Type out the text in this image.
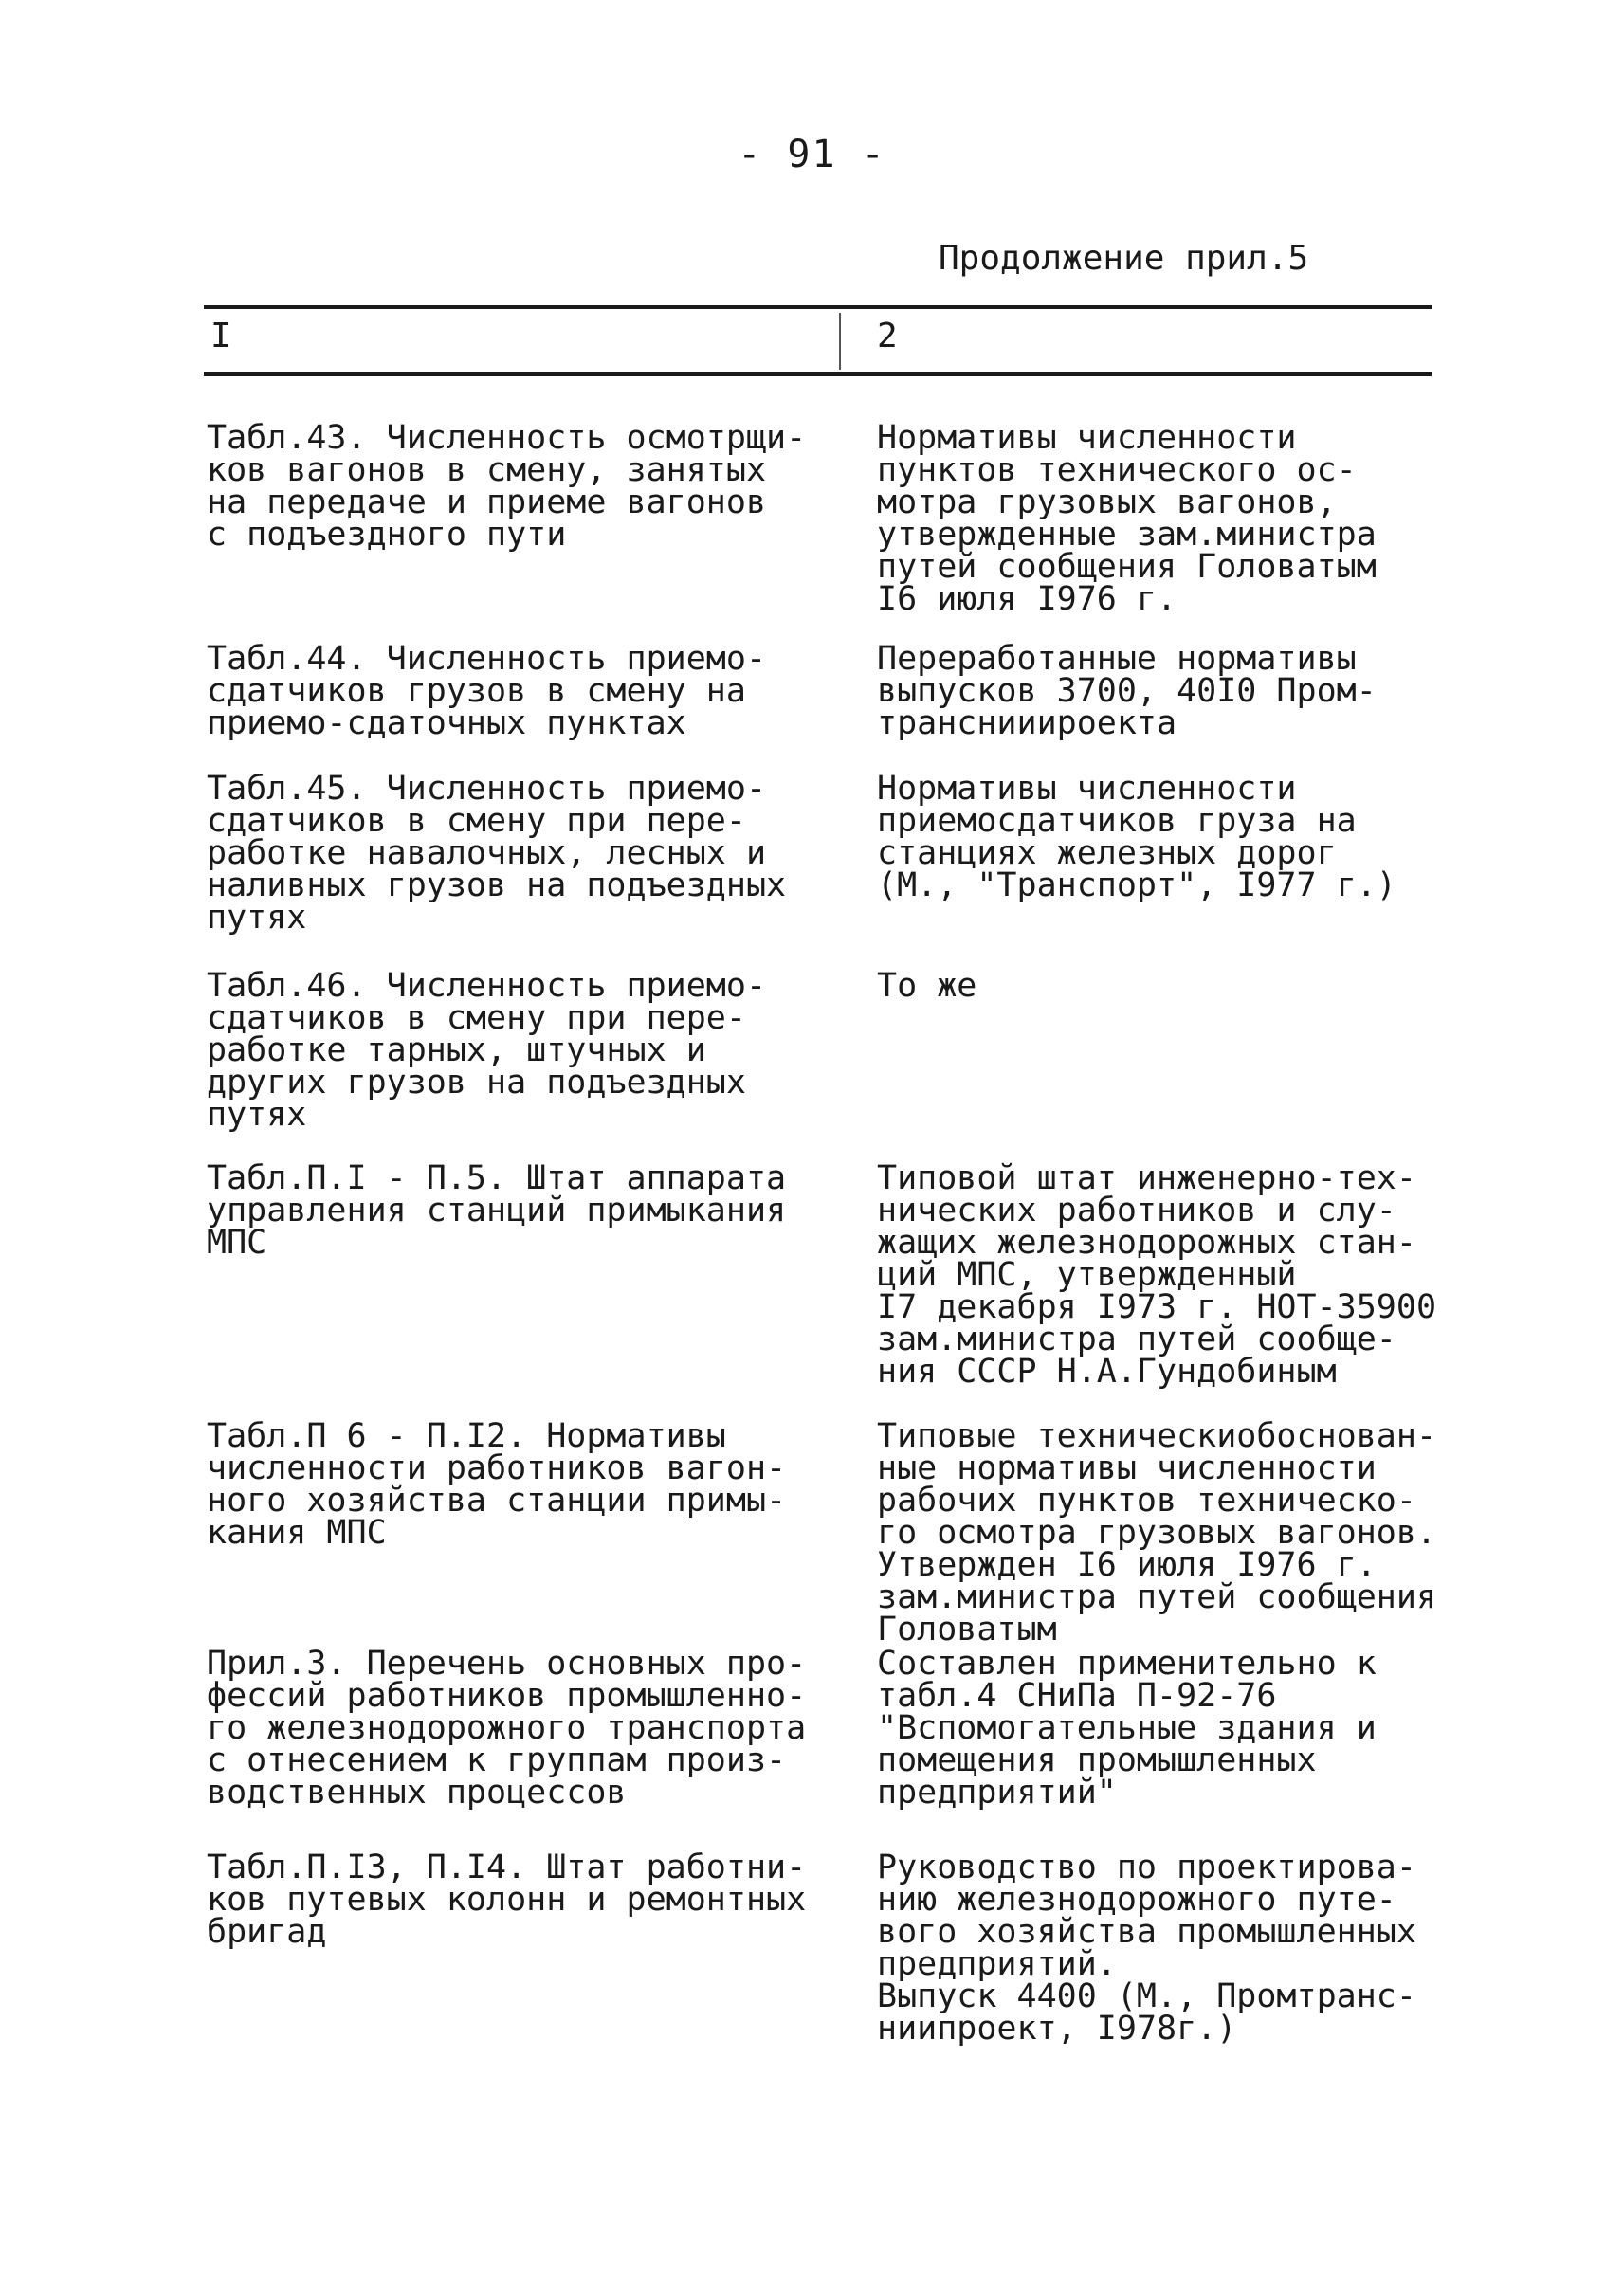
- 91 -
Продолжение прил.5
I	2
Табл.43. Численность осмотрщи-
ков вагонов в смену, занятых
на передаче и приеме вагонов
с подъездного пути
Нормативы численности
пунктов технического ос-
мотра грузовых вагонов,
утвержденные зам.министра
путей сообщения Головатым
I6 июля I976 г.
Табл.44. Численность приемо-
сдатчиков грузов в смену на
приемо-сдаточных пунктах
Переработанные нормативы
выпусков 3700, 40I0 Пром-
транснииироекта
Табл.45. Численность приемо-
сдатчиков в смену при пере-
работке навалочных, лесных и
наливных грузов на подъездных
путях
Нормативы численности
приемосдатчиков груза на
станциях железных дорог
(М., "Транспорт", I977 г.)
Табл.46. Численность приемо-
сдатчиков в смену при пере-
работке тарных, штучных и
других грузов на подъездных
путях
То же
Табл.П.I - П.5. Штат аппарата
управления станций примыкания
МПС
Типовой штат инженерно-тех-
нических работников и слу-
жащих железнодорожных стан-
ций МПС, утвержденный
I7 декабря I973 г. НОТ-35900
зам.министра путей сообще-
ния СССР Н.А.Гундобиным
Табл.П 6 - П.I2. Нормативы
численности работников вагон-
ного хозяйства станции примы-
кания МПС
Типовые техническиобоснован-
ные нормативы численности
рабочих пунктов техническо-
го осмотра грузовых вагонов.
Утвержден I6 июля I976 г.
зам.министра путей сообщения
Головатым
Прил.3. Перечень основных про-
фессий работников промышленно-
го железнодорожного транспорта
с отнесением к группам произ-
водственных процессов
Составлен применительно к
табл.4 СНиПа П-92-76
"Вспомогательные здания и
помещения промышленных
предприятий"
Табл.П.I3, П.I4. Штат работни-
ков путевых колонн и ремонтных
бригад
Руководство по проектирова-
нию железнодорожного путе-
вого хозяйства промышленных
предприятий.
Выпуск 4400 (М., Промтранс-
ниипроект, I978г.)
